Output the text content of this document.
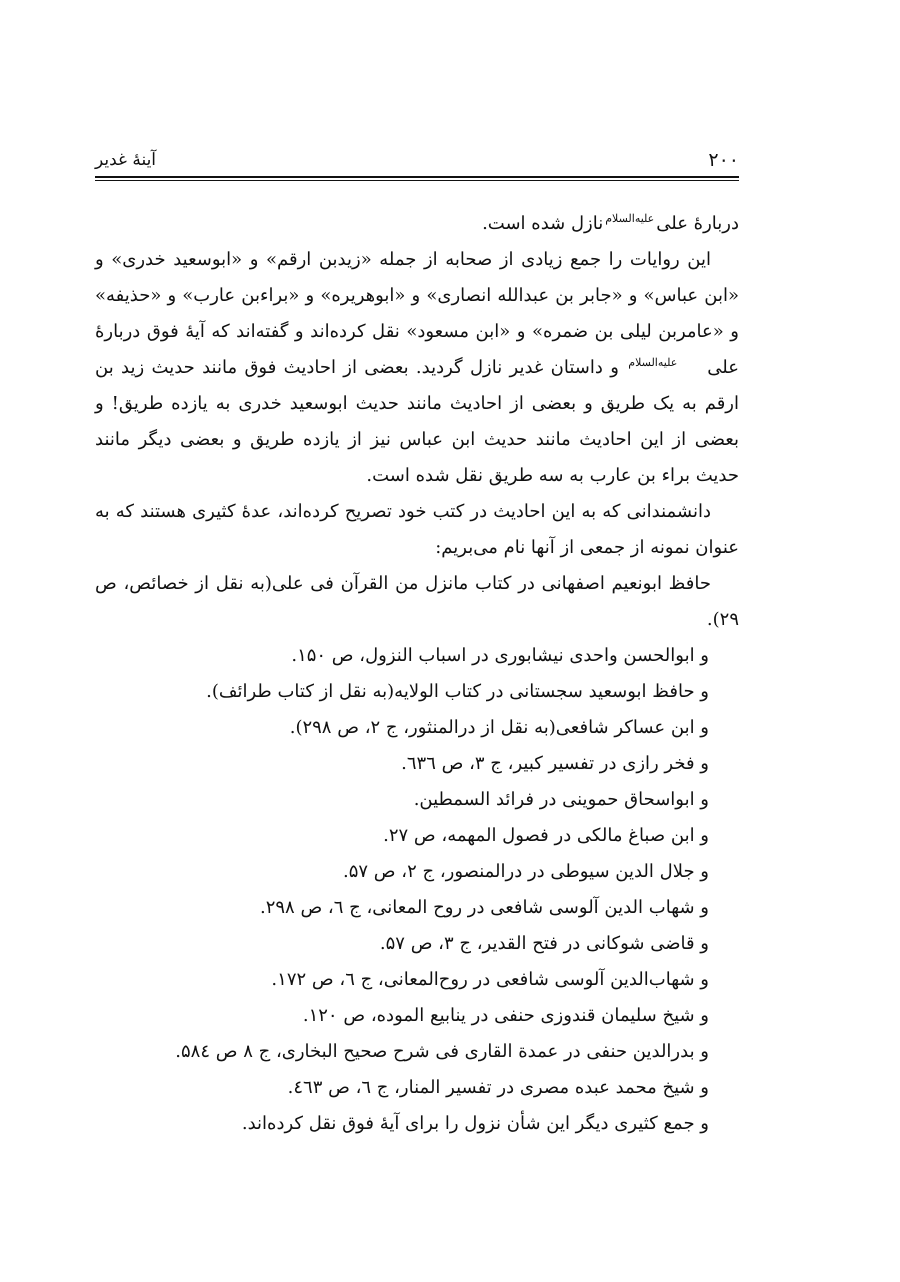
۲۰۰
آینۀ غدیر

دربارۀ علیعلیه‌السلامنازل شده است.

این روایات را جمع زیادی از صحابه از جمله «زیدبن ارقم» و «ابوسعید خدری» و «ابن عباس» و «جابر بن عبدالله انصاری» و «ابوهریره» و «براءبن عارب» و «حذیفه» و «عامربن لیلی بن ضمره» و «ابن مسعود» نقل کرده‌اند و گفته‌اند که آیۀ فوق دربارۀ علیعلیه‌السلام و داستان غدیر نازل گردید. بعضی از احادیث فوق مانند حدیث زید بن ارقم به یک طریق و بعضی از احادیث مانند حدیث ابوسعید خدری به یازده طریق! و بعضی از این احادیث مانند حدیث ابن عباس نیز از یازده طریق و بعضی دیگر مانند حدیث براء بن عارب به سه طریق نقل شده است.

دانشمندانی که به این احادیث در کتب خود تصریح کرده‌اند، عدۀ کثیری هستند که به عنوان نمونه از جمعی از آنها نام می‌بریم:

حافظ ابونعیم اصفهانی در کتاب مانزل من القرآن فی علی(به نقل از خصائص، ص ۲۹).

و ابوالحسن واحدی نیشابوری در اسباب النزول، ص ۱۵۰.
و حافظ ابوسعید سجستانی در کتاب الولایه(به نقل از کتاب طرائف).
و ابن عساکر شافعی(به نقل از درالمنثور، ج ۲، ص ۲۹۸).
و فخر رازی در تفسیر کبیر، ج ۳، ص ٦۳٦.
و ابواسحاق حموینی در فرائد السمطین.
و ابن صباغ مالکی در فصول المهمه، ص ۲۷.
و جلال الدین سیوطی در درالمنصور، ج ۲، ص ۵۷.
و شهاب الدین آلوسی شافعی در روح المعانی، ج ٦، ص ۲۹۸.
و قاضی شوکانی در فتح القدیر، ج ۳، ص ۵۷.
و شهاب‌الدین آلوسی شافعی در روح‌المعانی، ج ٦، ص ۱۷۲.
و شیخ سلیمان قندوزی حنفی در ینابیع الموده، ص ۱۲۰.
و بدرالدین حنفی در عمدة القاری فی شرح صحیح البخاری، ج ۸ ص ۵۸٤.
و شیخ محمد عبده مصری در تفسیر المنار، ج ٦، ص ٤٦۳.
و جمع کثیری دیگر این شأن نزول را برای آیۀ فوق نقل کرده‌اند.
